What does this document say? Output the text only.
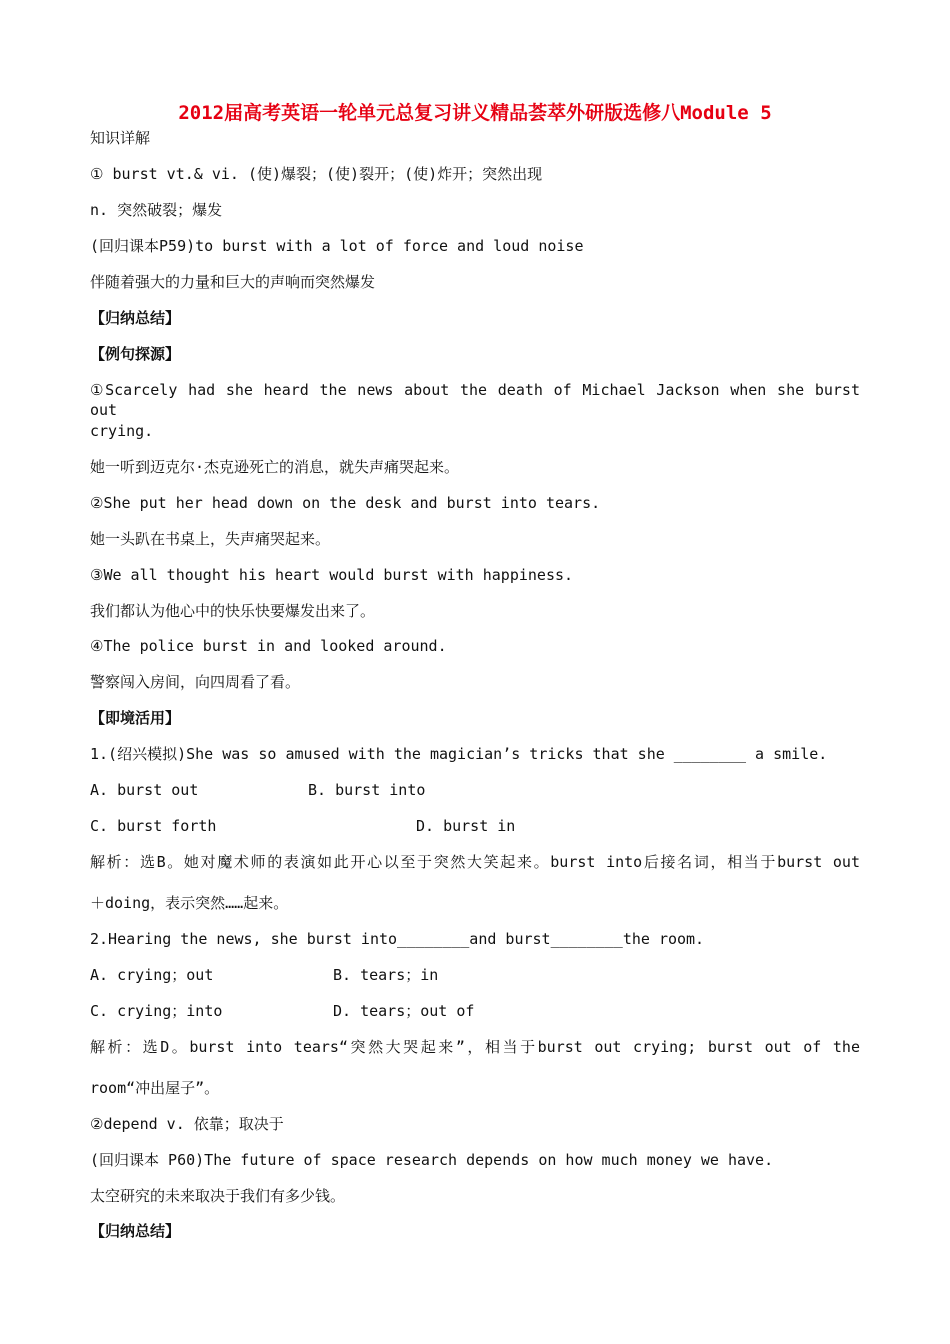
2012届高考英语一轮单元总复习讲义精品荟萃外研版选修八Module 5
知识详解
① burst vt.& vi. (使)爆裂；(使)裂开；(使)炸开；突然出现
n. 突然破裂；爆发
(回归课本P59)to burst with a lot of force and loud noise
伴随着强大的力量和巨大的声响而突然爆发
【归纳总结】
【例句探源】
①Scarcely had she heard the news about the death of Michael Jackson when she burst out
crying.
她一听到迈克尔·杰克逊死亡的消息，就失声痛哭起来。
②She put her head down on the desk and burst into tears.
她一头趴在书桌上，失声痛哭起来。
③We all thought his heart would burst with happiness.
我们都认为他心中的快乐快要爆发出来了。
④The police burst in and looked around.
警察闯入房间，向四周看了看。
【即境活用】
1.(绍兴模拟)She was so amused with the magician’s tricks that she ________ a smile.
A. burst out	B. burst into
C. burst forth	D. burst in
解析：选B。她对魔术师的表演如此开心以至于突然大笑起来。burst into后接名词，相当于burst out
＋doing，表示突然……起来。
2.Hearing the news, she burst into________and burst________the room.
A. crying；out	B. tears；in
C. crying；into	D. tears；out of
解析：选D。burst into tears“突然大哭起来”，相当于burst out crying; burst out of the
room“冲出屋子”。
②depend v. 依靠；取决于
(回归课本 P60)The future of space research depends on how much money we have.
太空研究的未来取决于我们有多少钱。
【归纳总结】
